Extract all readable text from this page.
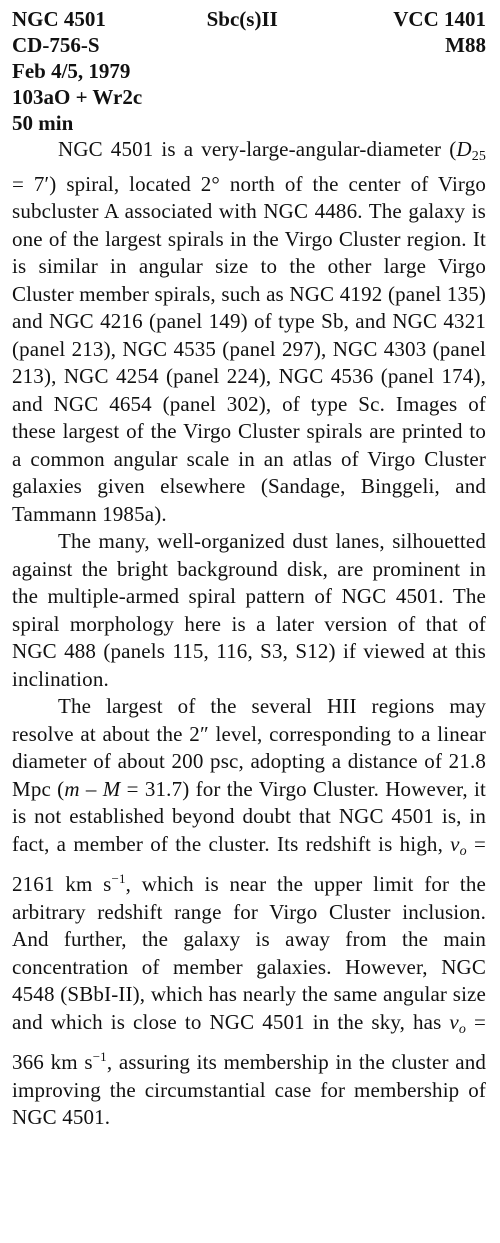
NGC 4501	Sbc(s)II	VCC 1401
CD-756-S	M88
Feb 4/5, 1979
103aO + Wr2c
50 min

NGC 4501 is a very-large-angular-diameter $(D_{25} = 7')$ spiral, located 2° north of the center of Virgo subcluster A associated with NGC 4486. The galaxy is one of the largest spirals in the Virgo Cluster region. It is similar in angular size to the other large Virgo Cluster member spirals, such as NGC 4192 (panel 135) and NGC 4216 (panel 149) of type Sb, and NGC 4321 (panel 213), NGC 4535 (panel 297), NGC 4303 (panel 213), NGC 4254 (panel 224), NGC 4536 (panel 174), and NGC 4654 (panel 302), of type Sc. Images of these largest of the Virgo Cluster spirals are printed to a common angular scale in an atlas of Virgo Cluster galaxies given elsewhere (Sandage, Binggeli, and Tammann 1985a).

The many, well-organized dust lanes, silhouetted against the bright background disk, are prominent in the multiple-armed spiral pattern of NGC 4501. The spiral morphology here is a later version of that of NGC 488 (panels 115, 116, S3, S12) if viewed at this inclination.

The largest of the several HII regions may resolve at about the 2″ level, corresponding to a linear diameter of about 200 psc, adopting a distance of 21.8 Mpc (m – M = 31.7) for the Virgo Cluster. However, it is not established beyond doubt that NGC 4501 is, in fact, a member of the cluster. Its redshift is high, $v_o = 2161$ km $s^{-1}$, which is near the upper limit for the arbitrary redshift range for Virgo Cluster inclusion. And further, the galaxy is away from the main concentration of member galaxies. However, NGC 4548 (SBbI-II), which has nearly the same angular size and which is close to NGC 4501 in the sky, has $v_o = 366$ km $s^{-1}$, assuring its membership in the cluster and improving the circumstantial case for membership of NGC 4501.
